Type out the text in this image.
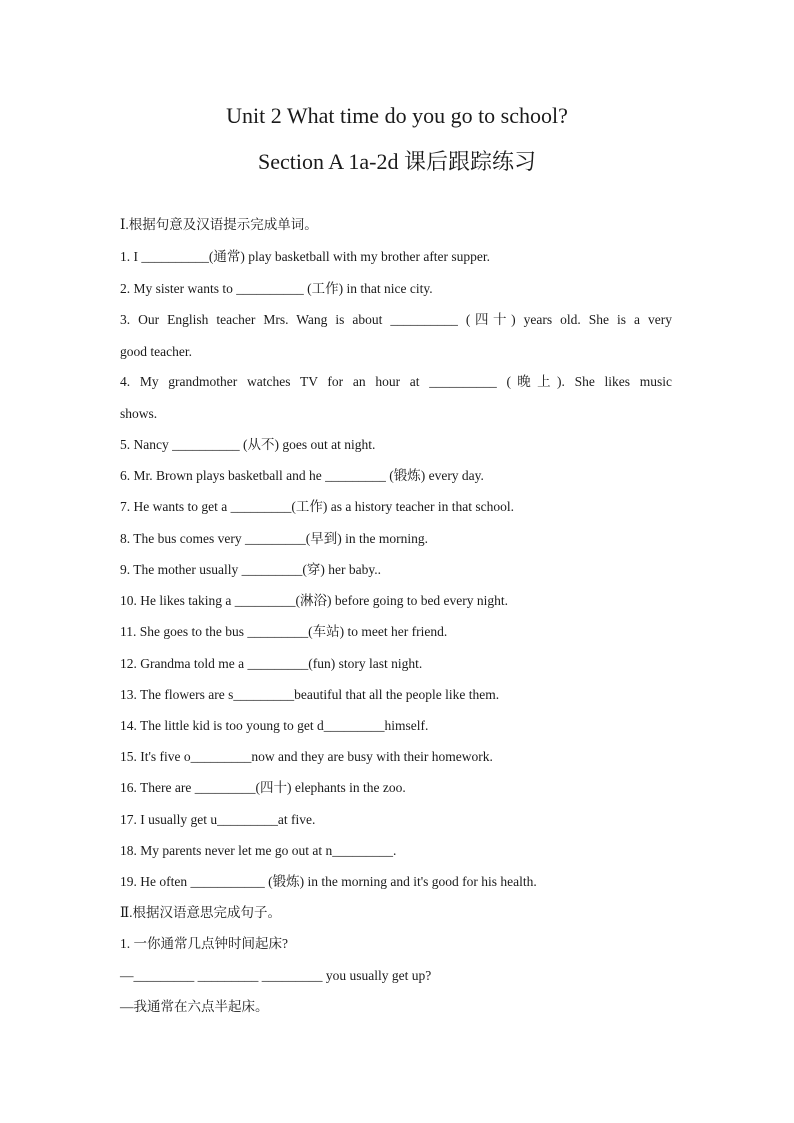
Unit 2 What time do you go to school?
Section A 1a-2d 课后跟踪练习
Ⅰ.根据句意及汉语提示完成单词。
1. I __________(通常) play basketball with my brother after supper.
2. My sister wants to __________ (工作) in that nice city.
3. Our English teacher Mrs. Wang is about __________ (四十) years old. She is a very
good teacher.
4. My grandmother watches TV for an hour at __________ (晚上). She likes music
shows.
5. Nancy __________ (从不) goes out at night.
6. Mr. Brown plays basketball and he _________ (锻炼) every day.
7. He wants to get a _________(工作) as a history teacher in that school.
8. The bus comes very _________(早到) in the morning.
9. The mother usually _________(穿) her baby..
10. He likes taking a _________(淋浴) before going to bed every night.
11. She goes to the bus _________(车站) to meet her friend.
12. Grandma told me a _________(fun) story last night.
13. The flowers are s_________beautiful that all the people like them.
14. The little kid is too young to get d_________himself.
15. It's five o_________now and they are busy with their homework.
16. There are _________(四十) elephants in the zoo.
17. I usually get u_________at five.
18. My parents never let me go out at n_________.
19. He often ___________ (锻炼) in the morning and it's good for his health.
Ⅱ.根据汉语意思完成句子。
1. 一你通常几点钟时间起床?
—_________ _________ _________ you usually get up?
—我通常在六点半起床。
